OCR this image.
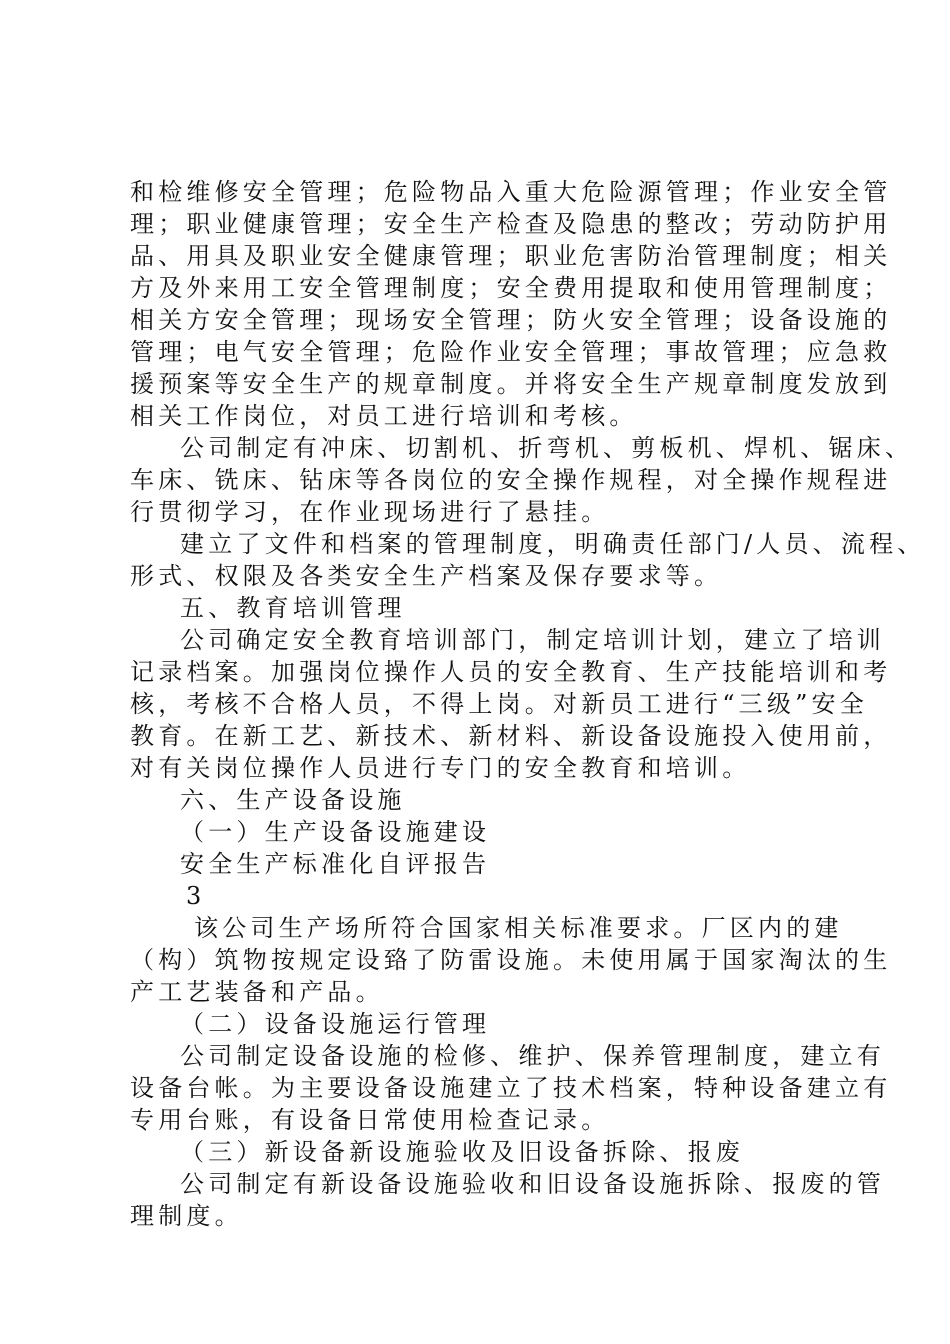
和检维修安全管理；危险物品入重大危险源管理；作业安全管
理；职业健康管理；安全生产检查及隐患的整改；劳动防护用
品、用具及职业安全健康管理；职业危害防治管理制度；相关
方及外来用工安全管理制度；安全费用提取和使用管理制度；
相关方安全管理；现场安全管理；防火安全管理；设备设施的
管理；电气安全管理；危险作业安全管理；事故管理；应急救
援预案等安全生产的规章制度。并将安全生产规章制度发放到
相关工作岗位，对员工进行培训和考核。
公司制定有冲床、切割机、折弯机、剪板机、焊机、锯床、
车床、铣床、钻床等各岗位的安全操作规程，对全操作规程进
行贯彻学习，在作业现场进行了悬挂。
建立了文件和档案的管理制度，明确责任部门/人员、流程、
形式、权限及各类安全生产档案及保存要求等。
五、教育培训管理
公司确定安全教育培训部门，制定培训计划，建立了培训
记录档案。加强岗位操作人员的安全教育、生产技能培训和考
核，考核不合格人员，不得上岗。对新员工进行“三级”安全
教育。在新工艺、新技术、新材料、新设备设施投入使用前，
对有关岗位操作人员进行专门的安全教育和培训。
六、生产设备设施
（一）生产设备设施建设
安全生产标准化自评报告
3
该公司生产场所符合国家相关标准要求。厂区内的建
（构）筑物按规定设臵了防雷设施。未使用属于国家淘汰的生
产工艺装备和产品。
（二）设备设施运行管理
公司制定设备设施的检修、维护、保养管理制度，建立有
设备台帐。为主要设备设施建立了技术档案，特种设备建立有
专用台账，有设备日常使用检查记录。
（三）新设备新设施验收及旧设备拆除、报废
公司制定有新设备设施验收和旧设备设施拆除、报废的管
理制度。
